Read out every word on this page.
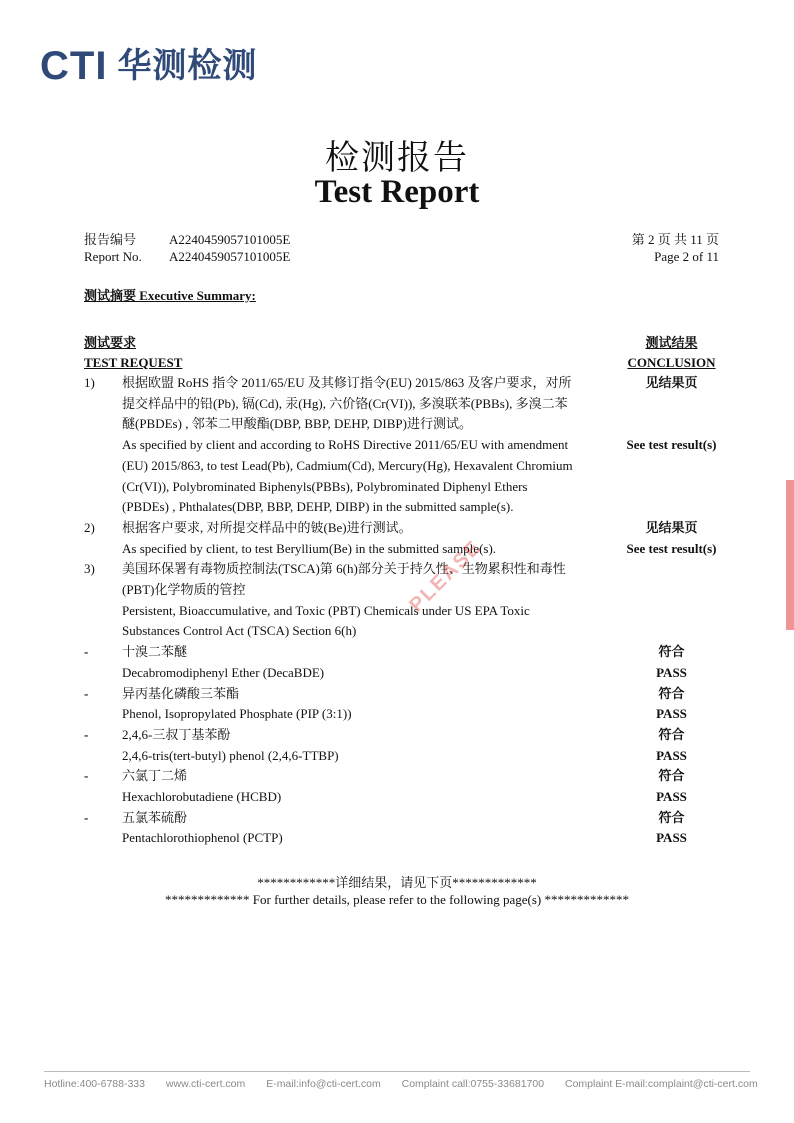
CTI 华测检测
检测报告
Test Report
报告编号	A2240459057101005E	第 2 页 共 11 页
Report No.	A2240459057101005E	Page 2 of 11
测试摘要 Executive Summary:
测试要求	测试结果
TEST REQUEST	CONCLUSION
1)	根据欧盟 RoHS 指令 2011/65/EU 及其修订指令(EU) 2015/863 及客户要求，对所	见结果页
提交样品中的铅(Pb), 镉(Cd), 汞(Hg), 六价铬(Cr(VI)), 多溴联苯(PBBs), 多溴二苯
醚(PBDEs) , 邻苯二甲酸酯(DBP, BBP, DEHP, DIBP)进行测试。
As specified by client and according to RoHS Directive 2011/65/EU with amendment	See test result(s)
(EU) 2015/863, to test Lead(Pb), Cadmium(Cd), Mercury(Hg), Hexavalent Chromium
(Cr(VI)), Polybrominated Biphenyls(PBBs), Polybrominated Diphenyl Ethers
(PBDEs) , Phthalates(DBP, BBP, DEHP, DIBP) in the submitted sample(s).
2)	根据客户要求, 对所提交样品中的铍(Be)进行测试。	见结果页
As specified by client, to test Beryllium(Be) in the submitted sample(s).	See test result(s)
3)	美国环保署有毒物质控制法(TSCA)第 6(h)部分关于持久性、生物累积性和毒性
(PBT)化学物质的管控
Persistent, Bioaccumulative, and Toxic (PBT) Chemicals under US EPA Toxic
Substances Control Act (TSCA) Section 6(h)
-	十溴二苯醚	符合
Decabromodiphenyl Ether (DecaBDE)	PASS
-	异丙基化磷酸三苯酯	符合
Phenol, Isopropylated Phosphate (PIP (3:1))	PASS
-	2,4,6-三叔丁基苯酚	符合
2,4,6-tris(tert-butyl) phenol (2,4,6-TTBP)	PASS
-	六氯丁二烯	符合
Hexachlorobutadiene (HCBD)	PASS
-	五氯苯硫酚	符合
Pentachlorothiophenol (PCTP)	PASS
PLEASE
************详细结果，请见下页*************
************* For further details, please refer to the following page(s) *************
Hotline:400-6788-333 www.cti-cert.com E-mail:info@cti-cert.com Complaint call:0755-33681700 Complaint E-mail:complaint@cti-cert.com
